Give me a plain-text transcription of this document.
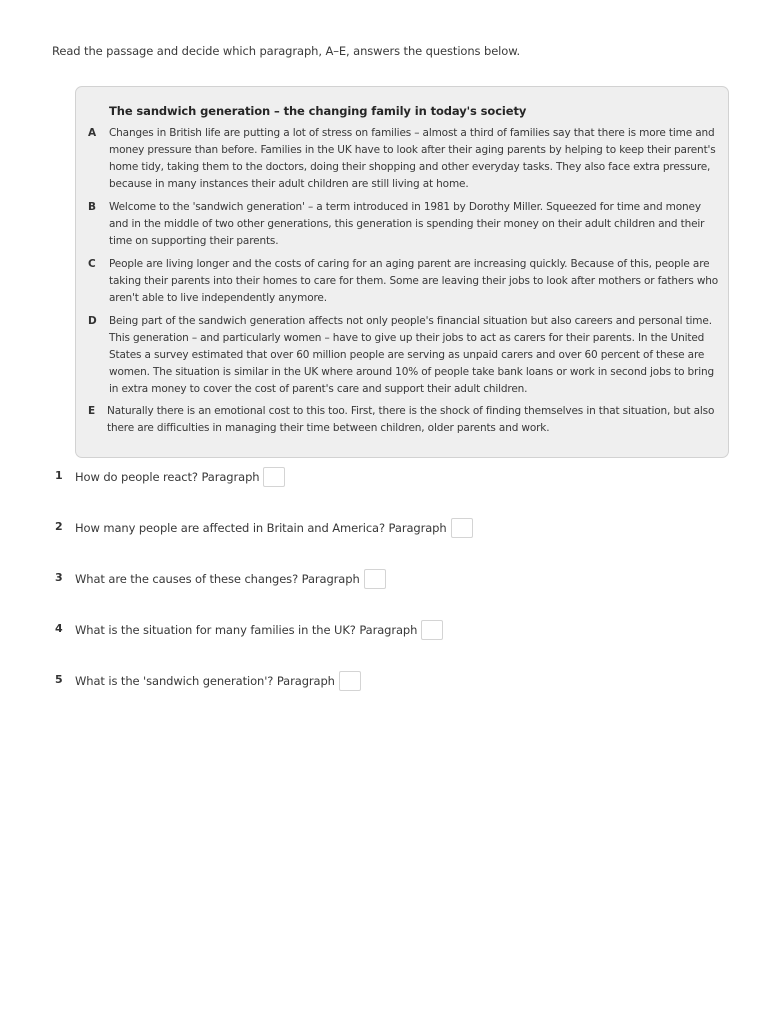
Read the passage and decide which paragraph, A–E, answers the questions below.
The sandwich generation – the changing family in today's society
A Changes in British life are putting a lot of stress on families – almost a third of families say that there is more time and money pressure than before. Families in the UK have to look after their aging parents by helping to keep their parent's home tidy, taking them to the doctors, doing their shopping and other everyday tasks. They also face extra pressure, because in many instances their adult children are still living at home.
B Welcome to the 'sandwich generation' – a term introduced in 1981 by Dorothy Miller. Squeezed for time and money and in the middle of two other generations, this generation is spending their money on their adult children and their time on supporting their parents.
C People are living longer and the costs of caring for an aging parent are increasing quickly. Because of this, people are taking their parents into their homes to care for them. Some are leaving their jobs to look after mothers or fathers who aren't able to live independently anymore.
D Being part of the sandwich generation affects not only people's financial situation but also careers and personal time. This generation – and particularly women – have to give up their jobs to act as carers for their parents. In the United States a survey estimated that over 60 million people are serving as unpaid carers and over 60 percent of these are women. The situation is similar in the UK where around 10% of people take bank loans or work in second jobs to bring in extra money to cover the cost of parent's care and support their adult children.
E Naturally there is an emotional cost to this too. First, there is the shock of finding themselves in that situation, but also there are difficulties in managing their time between children, older parents and work.
1 How do people react? Paragraph
2 How many people are affected in Britain and America? Paragraph
3 What are the causes of these changes? Paragraph
4 What is the situation for many families in the UK? Paragraph
5 What is the 'sandwich generation'? Paragraph
